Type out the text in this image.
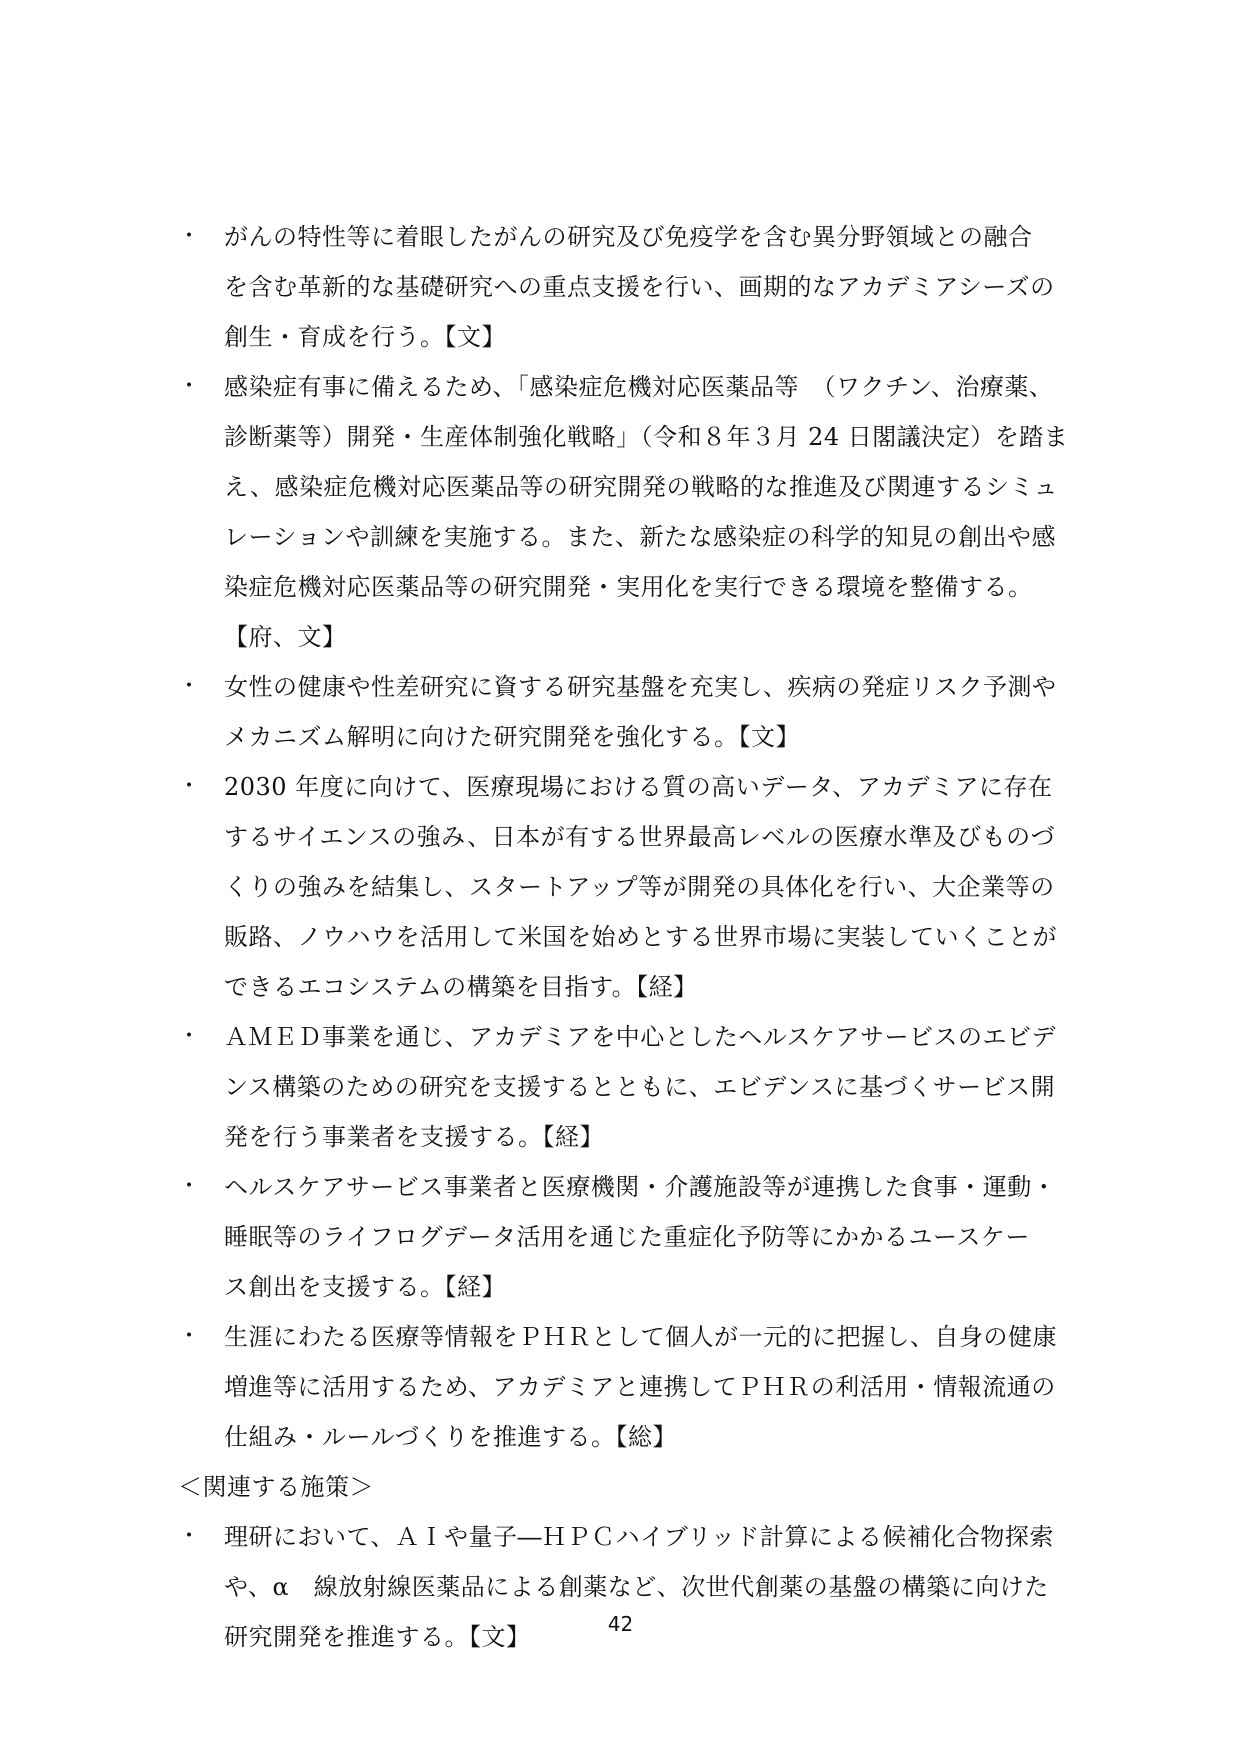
・ がんの特性等に着眼したがんの研究及び免疫学を含む異分野領域との融合
を含む革新的な基礎研究への重点支援を行い、画期的なアカデミアシーズの
創生・育成を行う。【文】
・ 感染症有事に備えるため、「感染症危機対応医薬品等　（ワクチン、治療薬、
診断薬等）開発・生産体制強化戦略」（令和８年３月 24 日閣議決定）を踏ま
え、感染症危機対応医薬品等の研究開発の戦略的な推進及び関連するシミュ
レーションや訓練を実施する。また、新たな感染症の科学的知見の創出や感
染症危機対応医薬品等の研究開発・実用化を実行できる環境を整備する。
【府、文】
・ 女性の健康や性差研究に資する研究基盤を充実し、疾病の発症リスク予測や
メカニズム解明に向けた研究開発を強化する。【文】
・ 2030 年度に向けて、医療現場における質の高いデータ、アカデミアに存在
するサイエンスの強み、日本が有する世界最高レベルの医療水準及びものづ
くりの強みを結集し、スタートアップ等が開発の具体化を行い、大企業等の
販路、ノウハウを活用して米国を始めとする世界市場に実装していくことが
できるエコシステムの構築を目指す。【経】
・ ＡＭＥＤ事業を通じ、アカデミアを中心としたヘルスケアサービスのエビデ
ンス構築のための研究を支援するとともに、エビデンスに基づくサービス開
発を行う事業者を支援する。【経】
・ ヘルスケアサービス事業者と医療機関・介護施設等が連携した食事・運動・
睡眠等のライフログデータ活用を通じた重症化予防等にかかるユースケー
ス創出を支援する。【経】
・ 生涯にわたる医療等情報をＰＨＲとして個人が一元的に把握し、自身の健康
増進等に活用するため、アカデミアと連携してＰＨＲの利活用・情報流通の
仕組み・ルールづくりを推進する。【総】
＜関連する施策＞
・ 理研において、ＡＩや量子―ＨＰＣハイブリッド計算による候補化合物探索
や、α　線放射線医薬品による創薬など、次世代創薬の基盤の構築に向けた
研究開発を推進する。【文】	42
